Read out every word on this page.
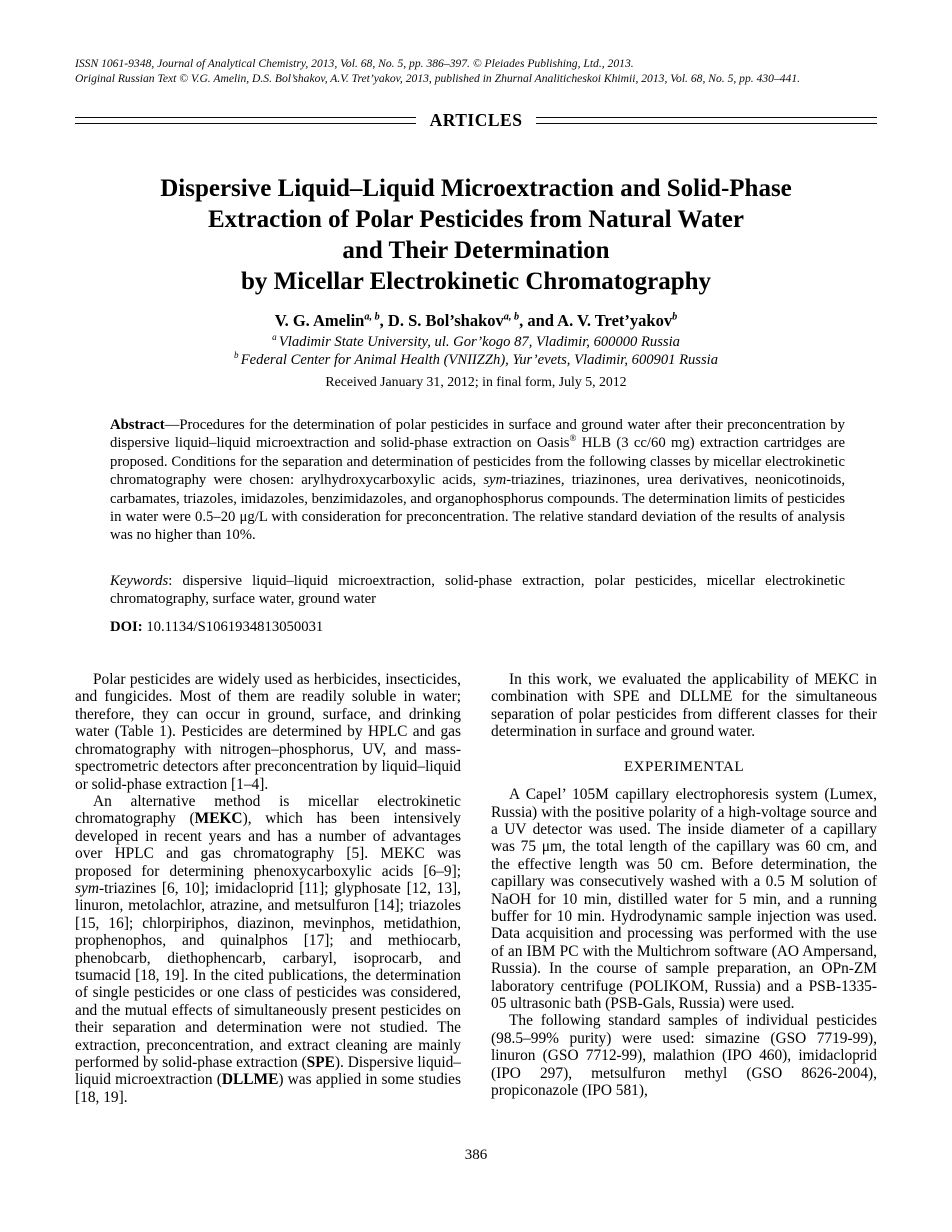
ISSN 1061-9348, Journal of Analytical Chemistry, 2013, Vol. 68, No. 5, pp. 386–397. © Pleiades Publishing, Ltd., 2013.
Original Russian Text © V.G. Amelin, D.S. Bol’shakov, A.V. Tret’yakov, 2013, published in Zhurnal Analiticheskoi Khimii, 2013, Vol. 68, No. 5, pp. 430–441.
ARTICLES
Dispersive Liquid–Liquid Microextraction and Solid-Phase
Extraction of Polar Pesticides from Natural Water
and Their Determination
by Micellar Electrokinetic Chromatography
V. G. Amelin$^{a, b}$, D. S. Bol’shakov$^{a, b}$, and A. V. Tret’yakov$^b$
$^a$ Vladimir State University, ul. Gor’kogo 87, Vladimir, 600000 Russia
$^b$ Federal Center for Animal Health (VNIIZZh), Yur’evets, Vladimir, 600901 Russia
Received January 31, 2012; in final form, July 5, 2012
Abstract—Procedures for the determination of polar pesticides in surface and ground water after their preconcentration by dispersive liquid–liquid microextraction and solid-phase extraction on Oasis® HLB (3 cc/60 mg) extraction cartridges are proposed. Conditions for the separation and determination of pesticides from the following classes by micellar electrokinetic chromatography were chosen: arylhydroxycarboxylic acids, sym-triazines, triazinones, urea derivatives, neonicotinoids, carbamates, triazoles, imidazoles, benzimidazoles, and organophosphorus compounds. The determination limits of pesticides in water were 0.5–20 μg/L with consideration for preconcentration. The relative standard deviation of the results of analysis was no higher than 10%.
Keywords: dispersive liquid–liquid microextraction, solid-phase extraction, polar pesticides, micellar electrokinetic chromatography, surface water, ground water
DOI: 10.1134/S1061934813050031

Polar pesticides are widely used as herbicides, insecticides, and fungicides. Most of them are readily soluble in water; therefore, they can occur in ground, surface, and drinking water (Table 1). Pesticides are determined by HPLC and gas chromatography with nitrogen–phosphorus, UV, and mass-spectrometric detectors after preconcentration by liquid–liquid or solid-phase extraction [1–4].

An alternative method is micellar electrokinetic chromatography (MEKC), which has been intensively developed in recent years and has a number of advantages over HPLC and gas chromatography [5]. MEKC was proposed for determining phenoxycarboxylic acids [6–9]; sym-triazines [6, 10]; imidacloprid [11]; glyphosate [12, 13], linuron, metolachlor, atrazine, and metsulfuron [14]; triazoles [15, 16]; chlorpiriphos, diazinon, mevinphos, metidathion, prophenophos, and quinalphos [17]; and methiocarb, phenobcarb, diethophencarb, carbaryl, isoprocarb, and tsumacid [18, 19]. In the cited publications, the determination of single pesticides or one class of pesticides was considered, and the mutual effects of simultaneously present pesticides on their separation and determination were not studied. The extraction, preconcentration, and extract cleaning are mainly performed by solid-phase extraction (SPE). Dispersive liquid–liquid microextraction (DLLME) was applied in some studies [18, 19].

In this work, we evaluated the applicability of MEKC in combination with SPE and DLLME for the simultaneous separation of polar pesticides from different classes for their determination in surface and ground water.

EXPERIMENTAL

A Capel’ 105M capillary electrophoresis system (Lumex, Russia) with the positive polarity of a high-voltage source and a UV detector was used. The inside diameter of a capillary was 75 μm, the total length of the capillary was 60 cm, and the effective length was 50 cm. Before determination, the capillary was consecutively washed with a 0.5 M solution of NaOH for 10 min, distilled water for 5 min, and a running buffer for 10 min. Hydrodynamic sample injection was used. Data acquisition and processing was performed with the use of an IBM PC with the Multichrom software (AO Ampersand, Russia). In the course of sample preparation, an OPn-ZM laboratory centrifuge (POLIKOM, Russia) and a PSB-1335-05 ultrasonic bath (PSB-Gals, Russia) were used.

The following standard samples of individual pesticides (98.5–99% purity) were used: simazine (GSO 7719-99), linuron (GSO 7712-99), malathion (IPO 460), imidacloprid (IPO 297), metsulfuron methyl (GSO 8626-2004), propiconazole (IPO 581),

386
